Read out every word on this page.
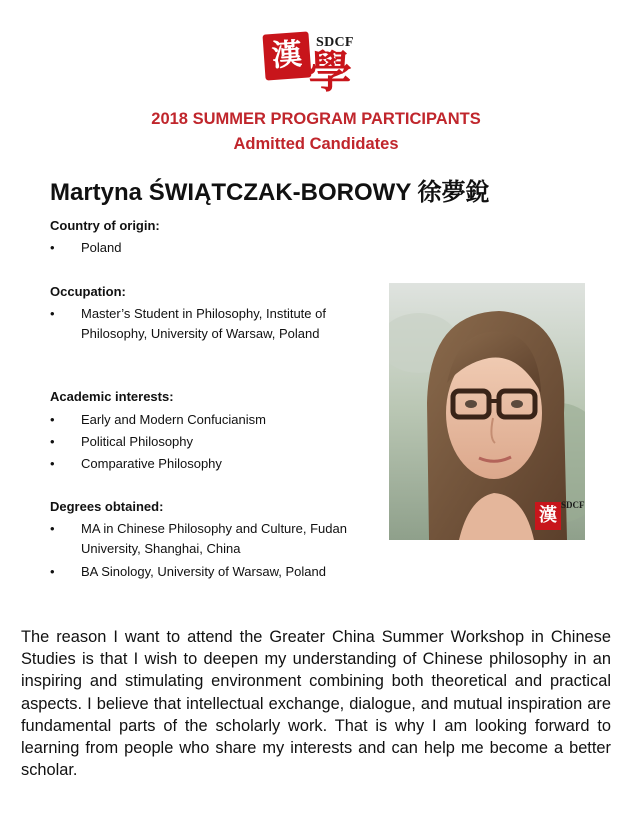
漢 SDCF
學
2018 SUMMER PROGRAM PARTICIPANTS
Admitted Candidates
Martyna ŚWIĄTCZAK-BOROWY 徐夢銳
Country of origin:
• Poland
Occupation:
• Master’s Student in Philosophy, Institute of Philosophy, University of Warsaw, Poland
Academic interests:
• Early and Modern Confucianism
• Political Philosophy
• Comparative Philosophy
Degrees obtained:
• MA in Chinese Philosophy and Culture, Fudan University, Shanghai, China
• BA Sinology, University of Warsaw, Poland
漢 SDCF
The reason I want to attend the Greater China Summer Workshop in Chinese Studies is that I wish to deepen my understanding of Chinese philosophy in an inspiring and stimulating environment combining both theoretical and practical aspects. I believe that intellectual exchange, dialogue, and mutual inspiration are fundamental parts of the scholarly work. That is why I am looking forward to learning from people who share my interests and can help me become a better scholar.
